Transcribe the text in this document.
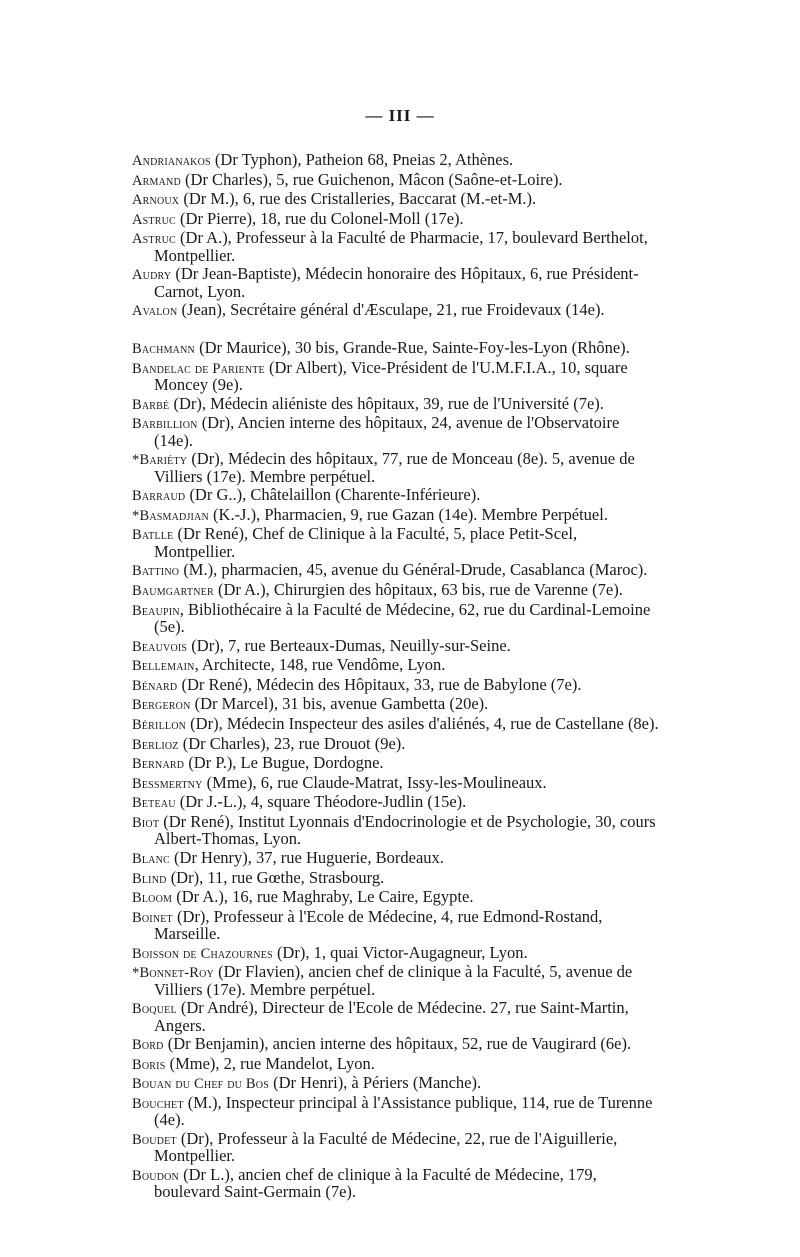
— III —

Andrianakos (Dr Typhon), Patheion 68, Pneias 2, Athènes.

Armand (Dr Charles), 5, rue Guichenon, Mâcon (Saône-et-Loire).

Arnoux (Dr M.), 6, rue des Cristalleries, Baccarat (M.-et-M.).

Astruc (Dr Pierre), 18, rue du Colonel-Moll (17e).

Astruc (Dr A.), Professeur à la Faculté de Pharmacie, 17, boulevard Berthelot, Montpellier.

Audry (Dr Jean-Baptiste), Médecin honoraire des Hôpitaux, 6, rue Président-Carnot, Lyon.

Avalon (Jean), Secrétaire général d'Æsculape, 21, rue Froidevaux (14e).

Bachmann (Dr Maurice), 30 bis, Grande-Rue, Sainte-Foy-les-Lyon (Rhône).

Bandelac de Pariente (Dr Albert), Vice-Président de l'U.M.F.I.A., 10, square Moncey (9e).

Barbé (Dr), Médecin aliéniste des hôpitaux, 39, rue de l'Université (7e).

Barbillion (Dr), Ancien interne des hôpitaux, 24, avenue de l'Observatoire (14e).

*Bariéty (Dr), Médecin des hôpitaux, 77, rue de Monceau (8e). 5, avenue de Villiers (17e). Membre perpétuel.

Barraud (Dr G..), Châtelaillon (Charente-Inférieure).

*Basmadjian (K.-J.), Pharmacien, 9, rue Gazan (14e). Membre Perpétuel.

Batlle (Dr René), Chef de Clinique à la Faculté, 5, place Petit-Scel, Montpellier.

Battino (M.), pharmacien, 45, avenue du Général-Drude, Casablanca (Maroc).

Baumgartner (Dr A.), Chirurgien des hôpitaux, 63 bis, rue de Varenne (7e).

Beaupin, Bibliothécaire à la Faculté de Médecine, 62, rue du Cardinal-Lemoine (5e).

Beauvois (Dr), 7, rue Berteaux-Dumas, Neuilly-sur-Seine.

Bellemain, Architecte, 148, rue Vendôme, Lyon.

Bénard (Dr René), Médecin des Hôpitaux, 33, rue de Babylone (7e).

Bergeron (Dr Marcel), 31 bis, avenue Gambetta (20e).

Bérillon (Dr), Médecin Inspecteur des asiles d'aliénés, 4, rue de Castellane (8e).

Berlioz (Dr Charles), 23, rue Drouot (9e).

Bernard (Dr P.), Le Bugue, Dordogne.

Bessmertny (Mme), 6, rue Claude-Matrat, Issy-les-Moulineaux.

Beteau (Dr J.-L.), 4, square Théodore-Judlin (15e).

Biot (Dr René), Institut Lyonnais d'Endocrinologie et de Psychologie, 30, cours Albert-Thomas, Lyon.

Blanc (Dr Henry), 37, rue Huguerie, Bordeaux.

Blind (Dr), 11, rue Gœthe, Strasbourg.

Bloom (Dr A.), 16, rue Maghraby, Le Caire, Egypte.

Boinet (Dr), Professeur à l'Ecole de Médecine, 4, rue Edmond-Rostand, Marseille.

Boisson de Chazournes (Dr), 1, quai Victor-Augagneur, Lyon.

*Bonnet-Roy (Dr Flavien), ancien chef de clinique à la Faculté, 5, avenue de Villiers (17e). Membre perpétuel.

Boquel (Dr André), Directeur de l'Ecole de Médecine. 27, rue Saint-Martin, Angers.

Bord (Dr Benjamin), ancien interne des hôpitaux, 52, rue de Vaugirard (6e).

Boris (Mme), 2, rue Mandelot, Lyon.

Bouan du Chef du Bos (Dr Henri), à Périers (Manche).

Bouchet (M.), Inspecteur principal à l'Assistance publique, 114, rue de Turenne (4e).

Boudet (Dr), Professeur à la Faculté de Médecine, 22, rue de l'Aiguillerie, Montpellier.

Boudon (Dr L.), ancien chef de clinique à la Faculté de Médecine, 179, boulevard Saint-Germain (7e).
